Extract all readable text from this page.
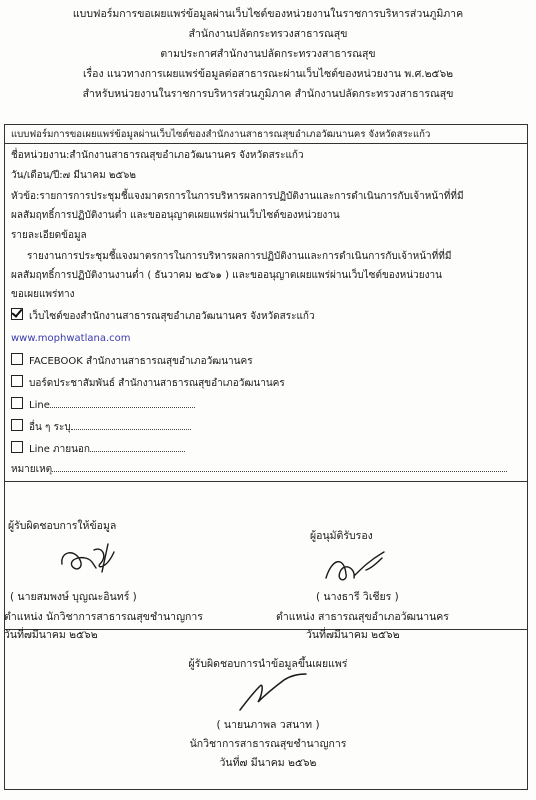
แบบฟอร์มการขอเผยแพร่ข้อมูลผ่านเว็บไซต์ของหน่วยงานในราชการบริหารส่วนภูมิภาค
สำนักงานปลัดกระทรวงสาธารณสุข
ตามประกาศสำนักงานปลัดกระทรวงสาธารณสุข
เรื่อง แนวทางการเผยแพร่ข้อมูลต่อสาธารณะผ่านเว็บไซต์ของหน่วยงาน พ.ศ.๒๕๖๒
สำหรับหน่วยงานในราชการบริหารส่วนภูมิภาค สำนักงานปลัดกระทรวงสาธารณสุข
แบบฟอร์มการขอเผยแพร่ข้อมูลผ่านเว็บไซต์ของสำนักงานสาธารณสุขอำเภอวัฒนานคร จังหวัดสระแก้ว
ชื่อหน่วยงาน:สำนักงานสาธารณสุขอำเภอวัฒนานคร จังหวัดสระแก้ว
วัน/เดือน/ปี:๗ มีนาคม ๒๕๖๒
หัวข้อ:รายการการประชุมชี้แจงมาตรการในการบริหารผลการปฏิบัติงานและการดำเนินการกับเจ้าหน้าที่ที่มี
ผลสัมฤทธิ์การปฏิบัติงานต่ำ และขออนุญาตเผยแพร่ผ่านเว็บไซต์ของหน่วยงาน
รายละเอียดข้อมูล
รายงานการประชุมชี้แจงมาตรการในการบริหารผลการปฏิบัติงานและการดำเนินการกับเจ้าหน้าที่ที่มี
ผลสัมฤทธิ์การปฏิบัติงานงานต่ำ ( ธันวาคม ๒๕๖๑ ) และขออนุญาตเผยแพร่ผ่านเว็บไซต์ของหน่วยงาน
ขอเผยแพร่ทาง
เว็บไซต์ของสำนักงานสาธารณสุขอำเภอวัฒนานคร จังหวัดสระแก้ว
www.mophwatlana.com
FACEBOOK สำนักงานสาธารณสุขอำเภอวัฒนานคร
บอร์ดประชาสัมพันธ์ สำนักงานสาธารณสุขอำเภอวัฒนานคร
Line
อื่น ๆ ระบุ
Line ภายนอก
หมายเหตุ
ผู้รับผิดชอบการให้ข้อมูล
( นายสมพงษ์ บุญณะอินทร์ )
ตำแหน่ง นักวิชาการสาธารณสุขชำนาญการ
วันที่๗มีนาคม ๒๕๖๒
ผู้อนุมัติรับรอง
( นางธารี วิเชียร )
ตำแหน่ง สาธารณสุขอำเภอวัฒนานคร
วันที่๗มีนาคม ๒๕๖๒
ผู้รับผิดชอบการนำข้อมูลขึ้นเผยแพร่
( นายนภาพล วสนาท )
นักวิชาการสาธารณสุขชำนาญการ
วันที่๗ มีนาคม ๒๕๖๒
